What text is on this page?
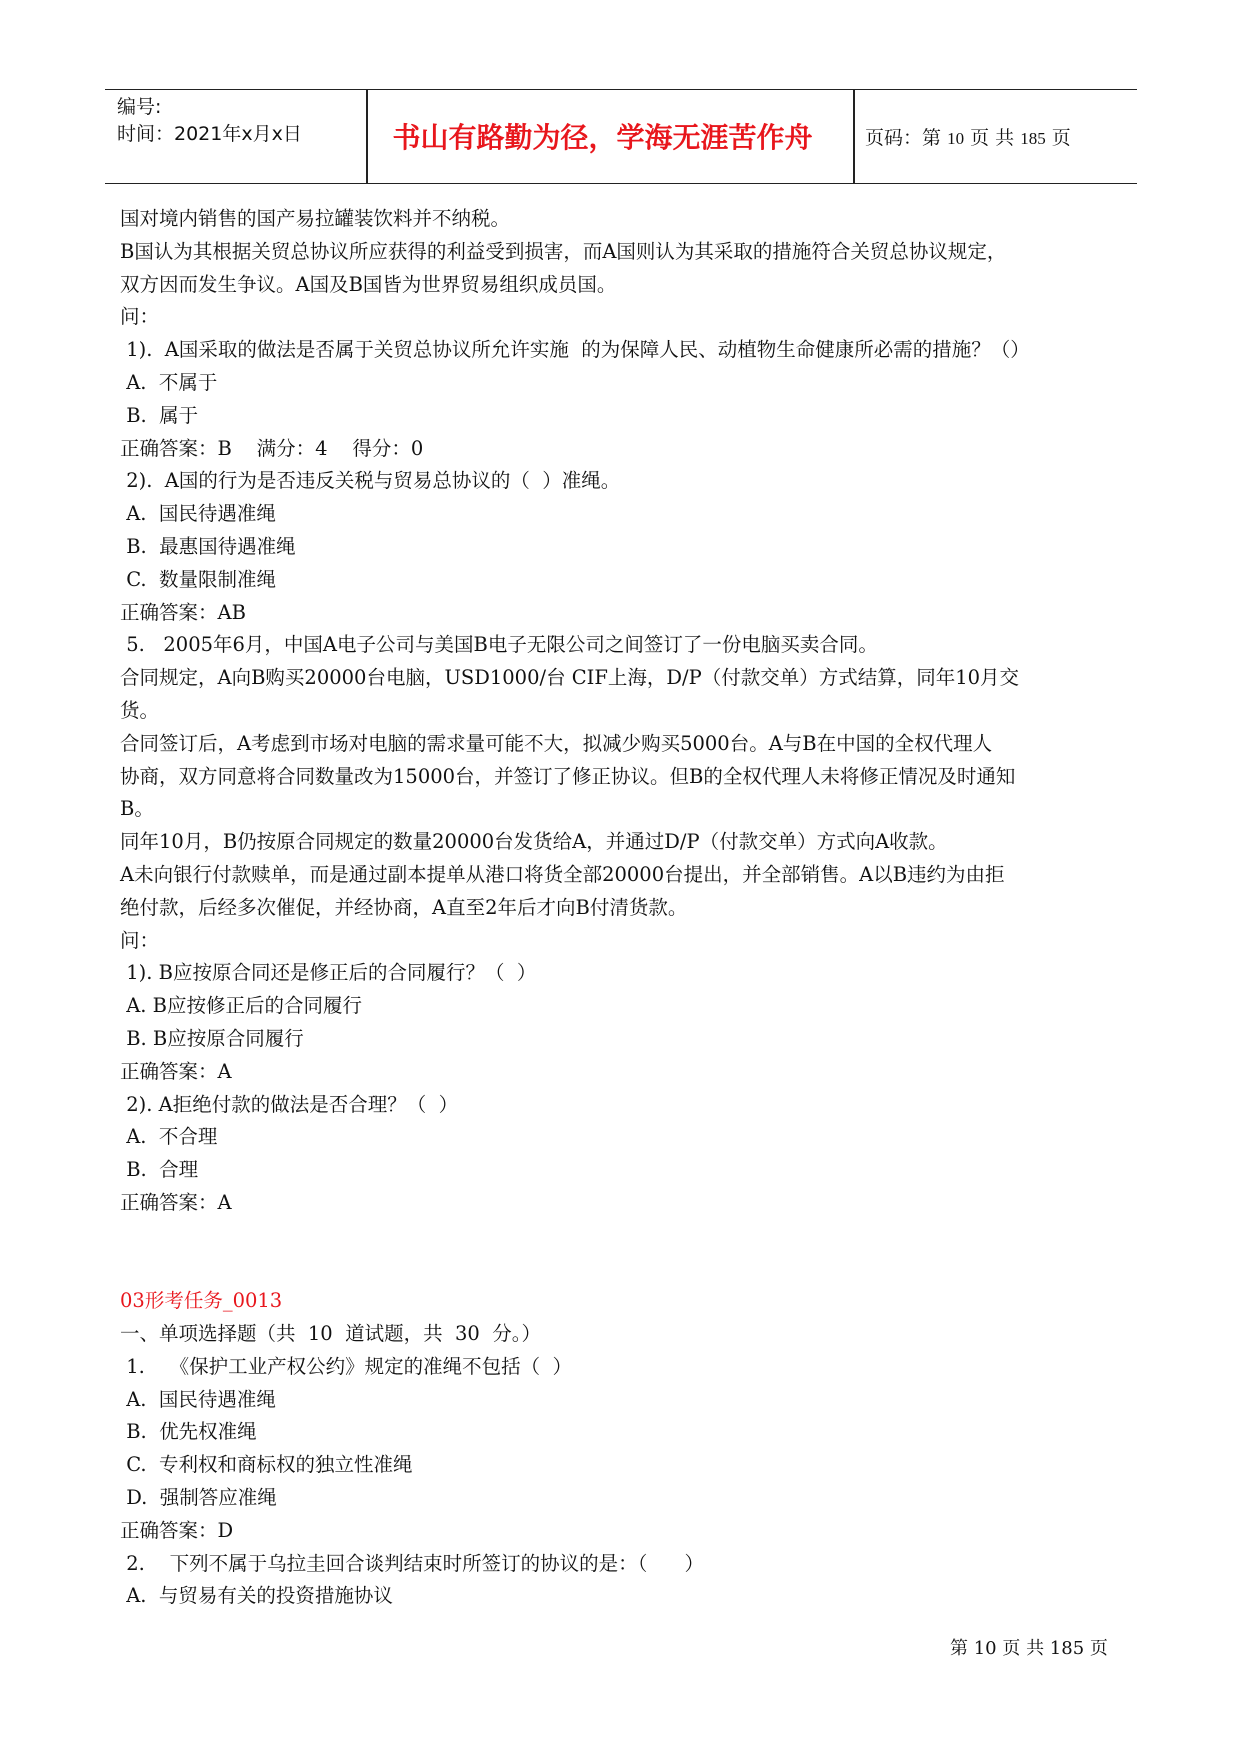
编号:
时间：2021年x月x日	书山有路勤为径，学海无涯苦作舟	页码：第 10 页 共 185 页
国对境内销售的国产易拉罐装饮料并不纳税。
B国认为其根据关贸总协议所应获得的利益受到损害，而A国则认为其采取的措施符合关贸总协议规定，
双方因而发生争议。A国及B国皆为世界贸易组织成员国。
问：
1).  A国采取的做法是否属于关贸总协议所允许实施  的为保障人民、动植物生命健康所必需的措施？（）
A.  不属于
B.  属于
正确答案：B    满分：4    得分：0
2).  A国的行为是否违反关税与贸易总协议的（  ）准绳。
A.  国民待遇准绳
B.  最惠国待遇准绳
C.  数量限制准绳
正确答案：AB
5.   2005年6月，中国A电子公司与美国B电子无限公司之间签订了一份电脑买卖合同。
合同规定，A向B购买20000台电脑，USD1000/台 CIF上海，D/P（付款交单）方式结算，同年10月交
货。
合同签订后，A考虑到市场对电脑的需求量可能不大，拟减少购买5000台。A与B在中国的全权代理人
协商，双方同意将合同数量改为15000台，并签订了修正协议。但B的全权代理人未将修正情况及时通知
B。
同年10月，B仍按原合同规定的数量20000台发货给A，并通过D/P（付款交单）方式向A收款。
A未向银行付款赎单，而是通过副本提单从港口将货全部20000台提出，并全部销售。A以B违约为由拒
绝付款，后经多次催促，并经协商，A直至2年后才向B付清货款。
问：
1). B应按原合同还是修正后的合同履行？（  ）
A. B应按修正后的合同履行
B. B应按原合同履行
正确答案：A
2). A拒绝付款的做法是否合理？（  ）
A.  不合理
B.  合理
正确答案：A

03形考任务_0013
一、单项选择题（共  10  道试题，共  30  分。）
1.    《保护工业产权公约》规定的准绳不包括（  ）
A.  国民待遇准绳
B.  优先权准绳
C.  专利权和商标权的独立性准绳
D.  强制答应准绳
正确答案：D
2.    下列不属于乌拉圭回合谈判结束时所签订的协议的是：（      ）
A.  与贸易有关的投资措施协议
第 10 页 共 185 页
